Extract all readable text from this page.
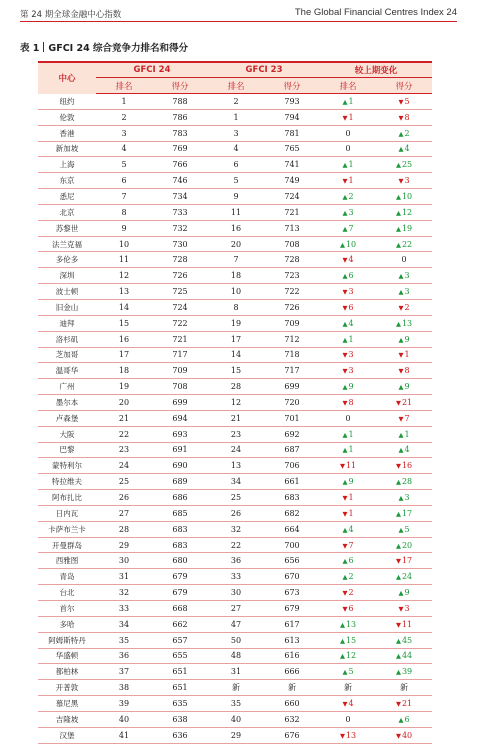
第 24 期全球金融中心指数	The Global Financial Centres Index 24
表 1 GFCI 24 综合竞争力排名和得分
中心	GFCI 24		GFCI 23		较上期变化	
	排名	得分	排名	得分	排名	得分
纽约	1	788	2	793	▲1	▼5
伦敦	2	786	1	794	▼1	▼8
香港	3	783	3	781	0	▲2
新加坡	4	769	4	765	0	▲4
上海	5	766	6	741	▲1	▲25
东京	6	746	5	749	▼1	▼3
悉尼	7	734	9	724	▲2	▲10
北京	8	733	11	721	▲3	▲12
苏黎世	9	732	16	713	▲7	▲19
法兰克福	10	730	20	708	▲10	▲22
多伦多	11	728	7	728	▼4	0
深圳	12	726	18	723	▲6	▲3
波士顿	13	725	10	722	▼3	▲3
旧金山	14	724	8	726	▼6	▼2
迪拜	15	722	19	709	▲4	▲13
洛杉矶	16	721	17	712	▲1	▲9
芝加哥	17	717	14	718	▼3	▼1
温哥华	18	709	15	717	▼3	▼8
广州	19	708	28	699	▲9	▲9
墨尔本	20	699	12	720	▼8	▼21
卢森堡	21	694	21	701	0	▼7
大阪	22	693	23	692	▲1	▲1
巴黎	23	691	24	687	▲1	▲4
蒙特利尔	24	690	13	706	▼11	▼16
特拉维夫	25	689	34	661	▲9	▲28
阿布扎比	26	686	25	683	▼1	▲3
日内瓦	27	685	26	682	▼1	▲17
卡萨布兰卡	28	683	32	664	▲4	▲5
开曼群岛	29	683	22	700	▼7	▲20
西雅图	30	680	36	656	▲6	▼17
青岛	31	679	33	670	▲2	▲24
台北	32	679	30	673	▼2	▲9
首尔	33	668	27	679	▼6	▼3
多哈	34	662	47	617	▲13	▼11
阿姆斯特丹	35	657	50	613	▲15	▲45
华盛顿	36	655	48	616	▲12	▲44
都柏林	37	651	31	666	▲5	▲39
开普敦	38	651	新	新	新	新
慕尼黑	39	635	35	660	▼4	▼21
吉隆坡	40	638	40	632	0	▲6
汉堡	41	636	29	676	▼13	▼40
